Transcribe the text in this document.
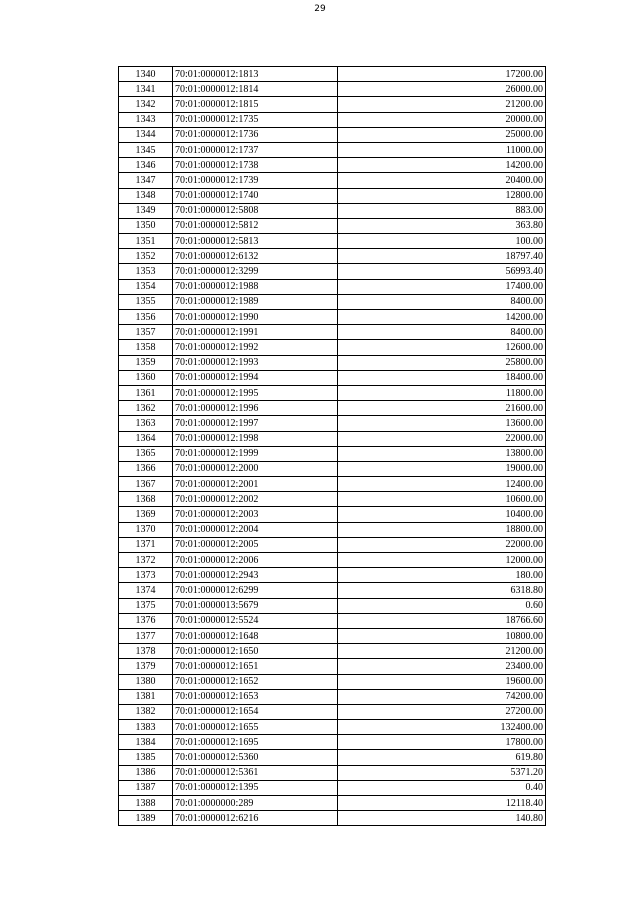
29
1340	70:01:0000012:1813	17200.00
1341	70:01:0000012:1814	26000.00
1342	70:01:0000012:1815	21200.00
1343	70:01:0000012:1735	20000.00
1344	70:01:0000012:1736	25000.00
1345	70:01:0000012:1737	11000.00
1346	70:01:0000012:1738	14200.00
1347	70:01:0000012:1739	20400.00
1348	70:01:0000012:1740	12800.00
1349	70:01:0000012:5808	883.00
1350	70:01:0000012:5812	363.80
1351	70:01:0000012:5813	100.00
1352	70:01:0000012:6132	18797.40
1353	70:01:0000012:3299	56993.40
1354	70:01:0000012:1988	17400.00
1355	70:01:0000012:1989	8400.00
1356	70:01:0000012:1990	14200.00
1357	70:01:0000012:1991	8400.00
1358	70:01:0000012:1992	12600.00
1359	70:01:0000012:1993	25800.00
1360	70:01:0000012:1994	18400.00
1361	70:01:0000012:1995	11800.00
1362	70:01:0000012:1996	21600.00
1363	70:01:0000012:1997	13600.00
1364	70:01:0000012:1998	22000.00
1365	70:01:0000012:1999	13800.00
1366	70:01:0000012:2000	19000.00
1367	70:01:0000012:2001	12400.00
1368	70:01:0000012:2002	10600.00
1369	70:01:0000012:2003	10400.00
1370	70:01:0000012:2004	18800.00
1371	70:01:0000012:2005	22000.00
1372	70:01:0000012:2006	12000.00
1373	70:01:0000012:2943	180.00
1374	70:01:0000012:6299	6318.80
1375	70:01:0000013:5679	0.60
1376	70:01:0000012:5524	18766.60
1377	70:01:0000012:1648	10800.00
1378	70:01:0000012:1650	21200.00
1379	70:01:0000012:1651	23400.00
1380	70:01:0000012:1652	19600.00
1381	70:01:0000012:1653	74200.00
1382	70:01:0000012:1654	27200.00
1383	70:01:0000012:1655	132400.00
1384	70:01:0000012:1695	17800.00
1385	70:01:0000012:5360	619.80
1386	70:01:0000012:5361	5371.20
1387	70:01:0000012:1395	0.40
1388	70:01:0000000:289	12118.40
1389	70:01:0000012:6216	140.80
